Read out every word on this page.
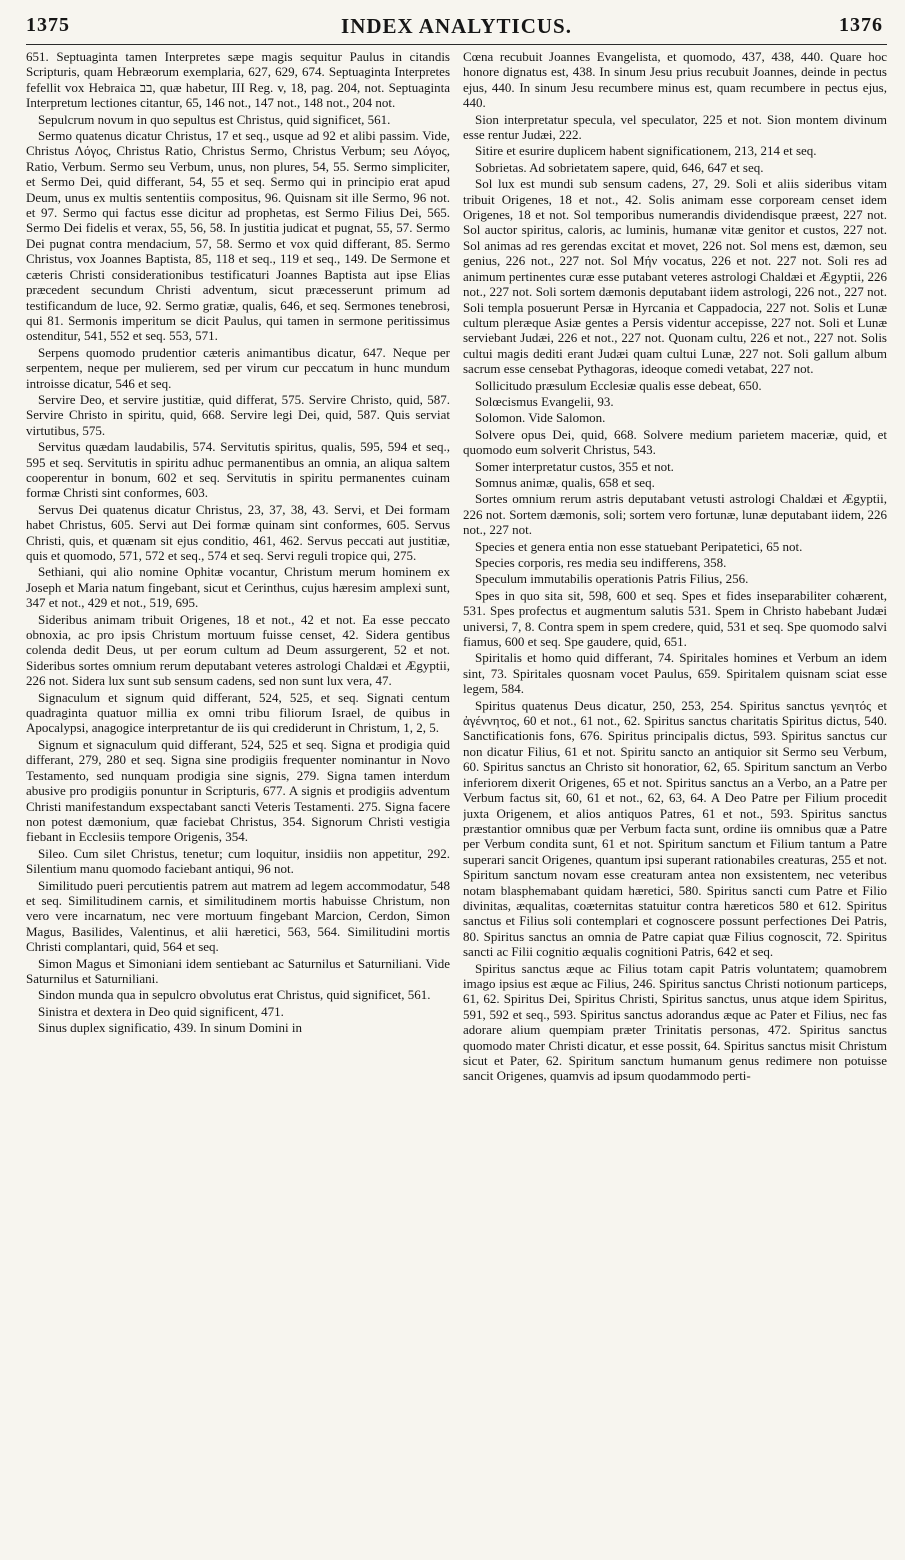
1375	INDEX ANALYTICUS.	1376

651. Septuaginta tamen Interpretes sæpe magis sequitur Paulus in citandis Scripturis, quam Hebræorum exemplaria, 627, 629, 674. Septuaginta Interpretes fefellit vox Hebraica בב, quæ habetur, III Reg. v, 18, pag. 204, not. Septuaginta Interpretum lectiones citantur, 65, 146 not., 147 not., 148 not., 204 not.

Sepulcrum novum in quo sepultus est Christus, quid significet, 561.

Sermo quatenus dicatur Christus, 17 et seq., usque ad 92 et alibi passim. Vide, Christus Λόγος, Christus Ratio, Christus Sermo, Christus Verbum; seu Λόγος, Ratio, Verbum. Sermo seu Verbum, unus, non plures, 54, 55. Sermo simpliciter, et Sermo Dei, quid differant, 54, 55 et seq. Sermo qui in principio erat apud Deum, unus ex multis sententiis compositus, 96. Quisnam sit ille Sermo, 96 not. et 97. Sermo qui factus esse dicitur ad prophetas, est Sermo Filius Dei, 565. Sermo Dei fidelis et verax, 55, 56, 58. In justitia judicat et pugnat, 55, 57. Sermo Dei pugnat contra mendacium, 57, 58. Sermo et vox quid differant, 85. Sermo Christus, vox Joannes Baptista, 85, 118 et seq., 119 et seq., 149. De Sermone et cæteris Christi considerationibus testificaturi Joannes Baptista aut ipse Elias præcedent secundum Christi adventum, sicut præcesserunt primum ad testificandum de luce, 92. Sermo gratiæ, qualis, 646, et seq. Sermones tenebrosi, qui 81. Sermonis imperitum se dicit Paulus, qui tamen in sermone peritissimus ostenditur, 541, 552 et seq. 553, 571.

Serpens quomodo prudentior cæteris animantibus dicatur, 647. Neque per serpentem, neque per mulierem, sed per virum cur peccatum in hunc mundum introisse dicatur, 546 et seq.

Servire Deo, et servire justitiæ, quid differat, 575. Servire Christo, quid, 587. Servire Christo in spiritu, quid, 668. Servire legi Dei, quid, 587. Quis serviat virtutibus, 575.

Servitus quædam laudabilis, 574. Servitutis spiritus, qualis, 595, 594 et seq., 595 et seq. Servitutis in spiritu adhuc permanentibus an omnia, an aliqua saltem cooperentur in bonum, 602 et seq. Servitutis in spiritu permanentes cuinam formæ Christi sint conformes, 603.

Servus Dei quatenus dicatur Christus, 23, 37, 38, 43. Servi, et Dei formam habet Christus, 605. Servi aut Dei formæ quinam sint conformes, 605. Servus Christi, quis, et quænam sit ejus conditio, 461, 462. Servus peccati aut justitiæ, quis et quomodo, 571, 572 et seq., 574 et seq. Servi reguli tropice qui, 275.

Sethiani, qui alio nomine Ophitæ vocantur, Christum merum hominem ex Joseph et Maria natum fingebant, sicut et Cerinthus, cujus hæresim amplexi sunt, 347 et not., 429 et not., 519, 695.

Sideribus animam tribuit Origenes, 18 et not., 42 et not. Ea esse peccato obnoxia, ac pro ipsis Christum mortuum fuisse censet, 42. Sidera gentibus colenda dedit Deus, ut per eorum cultum ad Deum assurgerent, 52 et not. Sideribus sortes omnium rerum deputabant veteres astrologi Chaldæi et Ægyptii, 226 not. Sidera lux sunt sub sensum cadens, sed non sunt lux vera, 47.

Signaculum et signum quid differant, 524, 525, et seq. Signati centum quadraginta quatuor millia ex omni tribu filiorum Israel, de quibus in Apocalypsi, anagogice interpretantur de iis qui crediderunt in Christum, 1, 2, 5.

Signum et signaculum quid differant, 524, 525 et seq. Signa et prodigia quid differant, 279, 280 et seq. Signa sine prodigiis frequenter nominantur in Novo Testamento, sed nunquam prodigia sine signis, 279. Signa tamen interdum abusive pro prodigiis ponuntur in Scripturis, 677. A signis et prodigiis adventum Christi manifestandum exspectabant sancti Veteris Testamenti. 275. Signa facere non potest dæmonium, quæ faciebat Christus, 354. Signorum Christi vestigia fiebant in Ecclesiis tempore Origenis, 354.

Sileo. Cum silet Christus, tenetur; cum loquitur, insidiis non appetitur, 292. Silentium manu quomodo faciebant antiqui, 96 not.

Similitudo pueri percutientis patrem aut matrem ad legem accommodatur, 548 et seq. Similitudinem carnis, et similitudinem mortis habuisse Christum, non vero vere incarnatum, nec vere mortuum fingebant Marcion, Cerdon, Simon Magus, Basilides, Valentinus, et alii hæretici, 563, 564. Similitudini mortis Christi complantari, quid, 564 et seq.

Simon Magus et Simoniani idem sentiebant ac Saturnilus et Saturniliani. Vide Saturnilus et Saturniliani.

Sindon munda qua in sepulcro obvolutus erat Christus, quid significet, 561.

Sinistra et dextera in Deo quid significent, 471.

Sinus duplex significatio, 439. In sinum Domini in

Cœna recubuit Joannes Evangelista, et quomodo, 437, 438, 440. Quare hoc honore dignatus est, 438. In sinum Jesu prius recubuit Joannes, deinde in pectus ejus, 440. In sinum Jesu recumbere minus est, quam recumbere in pectus ejus, 440.

Sion interpretatur specula, vel speculator, 225 et not. Sion montem divinum esse rentur Judæi, 222.

Sitire et esurire duplicem habent significationem, 213, 214 et seq.

Sobrietas. Ad sobrietatem sapere, quid, 646, 647 et seq.

Sol lux est mundi sub sensum cadens, 27, 29. Soli et aliis sideribus vitam tribuit Origenes, 18 et not., 42. Solis animam esse corpoream censet idem Origenes, 18 et not. Sol temporibus numerandis dividendisque præest, 227 not. Sol auctor spiritus, caloris, ac luminis, humanæ vitæ genitor et custos, 227 not. Sol animas ad res gerendas excitat et movet, 226 not. Sol mens est, dæmon, seu genius, 226 not., 227 not. Sol Μήν vocatus, 226 et not. 227 not. Soli res ad animum pertinentes curæ esse putabant veteres astrologi Chaldæi et Ægyptii, 226 not., 227 not. Soli sortem dæmonis deputabant iidem astrologi, 226 not., 227 not. Soli templa posuerunt Persæ in Hyrcania et Cappadocia, 227 not. Solis et Lunæ cultum pleræque Asiæ gentes a Persis videntur accepisse, 227 not. Soli et Lunæ serviebant Judæi, 226 et not., 227 not. Quonam cultu, 226 et not., 227 not. Solis cultui magis dediti erant Judæi quam cultui Lunæ, 227 not. Soli gallum album sacrum esse censebat Pythagoras, ideoque comedi vetabat, 227 not.

Sollicitudo præsulum Ecclesiæ qualis esse debeat, 650.

Solœcismus Evangelii, 93.

Solomon. Vide Salomon.

Solvere opus Dei, quid, 668. Solvere medium parietem maceriæ, quid, et quomodo eum solverit Christus, 543.

Somer interpretatur custos, 355 et not.

Somnus animæ, qualis, 658 et seq.

Sortes omnium rerum astris deputabant vetusti astrologi Chaldæi et Ægyptii, 226 not. Sortem dæmonis, soli; sortem vero fortunæ, lunæ deputabant iidem, 226 not., 227 not.

Species et genera entia non esse statuebant Peripatetici, 65 not.

Species corporis, res media seu indifferens, 358.

Speculum immutabilis operationis Patris Filius, 256.

Spes in quo sita sit, 598, 600 et seq. Spes et fides inseparabiliter cohærent, 531. Spes profectus et augmentum salutis 531. Spem in Christo habebant Judæi universi, 7, 8. Contra spem in spem credere, quid, 531 et seq. Spe quomodo salvi fiamus, 600 et seq. Spe gaudere, quid, 651.

Spiritalis et homo quid differant, 74. Spiritales homines et Verbum an idem sint, 73. Spiritales quosnam vocet Paulus, 659. Spiritalem quisnam sciat esse legem, 584.

Spiritus quatenus Deus dicatur, 250, 253, 254. Spiritus sanctus γενητός et ἀγέννητος, 60 et not., 61 not., 62. Spiritus sanctus charitatis Spiritus dictus, 540. Sanctificationis fons, 676. Spiritus principalis dictus, 593. Spiritus sanctus cur non dicatur Filius, 61 et not. Spiritu sancto an antiquior sit Sermo seu Verbum, 60. Spiritus sanctus an Christo sit honoratior, 62, 65. Spiritum sanctum an Verbo inferiorem dixerit Origenes, 65 et not. Spiritus sanctus an a Verbo, an a Patre per Verbum factus sit, 60, 61 et not., 62, 63, 64. A Deo Patre per Filium procedit juxta Origenem, et alios antiquos Patres, 61 et not., 593. Spiritus sanctus præstantior omnibus quæ per Verbum facta sunt, ordine iis omnibus quæ a Patre per Verbum condita sunt, 61 et not. Spiritum sanctum et Filium tantum a Patre superari sancit Origenes, quantum ipsi superant rationabiles creaturas, 255 et not. Spiritum sanctum novam esse creaturam antea non exsistentem, nec veteribus notam blasphemabant quidam hæretici, 580. Spiritus sancti cum Patre et Filio divinitas, æqualitas, coæternitas statuitur contra hæreticos 580 et 612. Spiritus sanctus et Filius soli contemplari et cognoscere possunt perfectiones Dei Patris, 80. Spiritus sanctus an omnia de Patre capiat quæ Filius cognoscit, 72. Spiritus sancti ac Filii cognitio æqualis cognitioni Patris, 642 et seq.

Spiritus sanctus æque ac Filius totam capit Patris voluntatem; quamobrem imago ipsius est æque ac Filius, 246. Spiritus sanctus Christi notionum particeps, 61, 62. Spiritus Dei, Spiritus Christi, Spiritus sanctus, unus atque idem Spiritus, 591, 592 et seq., 593. Spiritus sanctus adorandus æque ac Pater et Filius, nec fas adorare alium quempiam præter Trinitatis personas, 472. Spiritus sanctus quomodo mater Christi dicatur, et esse possit, 64. Spiritus sanctus misit Christum sicut et Pater, 62. Spiritum sanctum humanum genus redimere non potuisse sancit Origenes, quamvis ad ipsum quodammodo perti-
